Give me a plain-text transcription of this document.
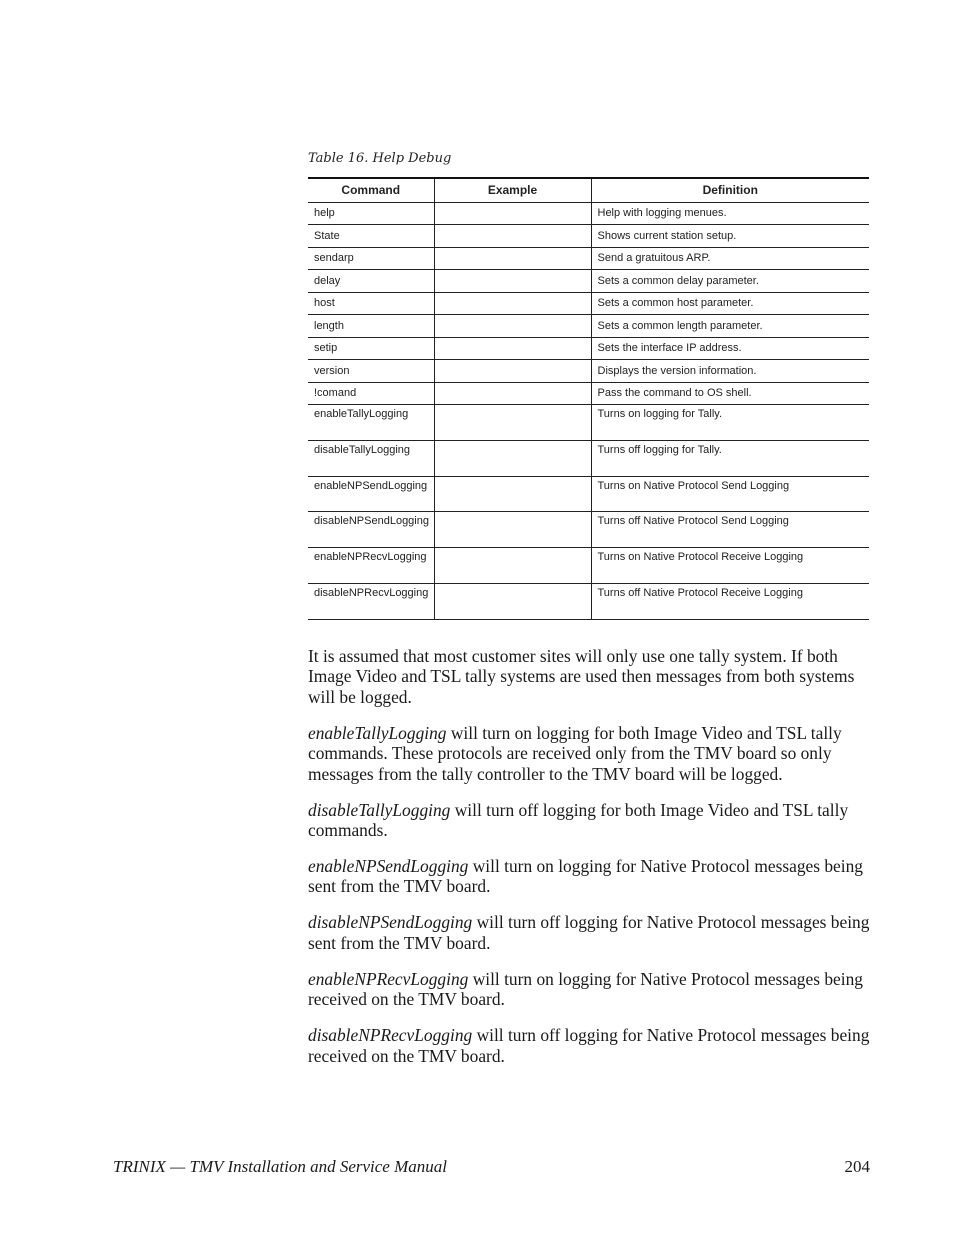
Table 16. Help Debug
Command	Example	Definition
help		Help with logging menues.
State		Shows current station setup.
sendarp		Send a gratuitous ARP.
delay		Sets a common delay parameter.
host		Sets a common host parameter.
length		Sets a common length parameter.
setip		Sets the interface IP address.
version		Displays the version information.
!comand		Pass the command to OS shell.
enableTallyLogging		Turns on logging for Tally.
disableTallyLogging		Turns off logging for Tally.
enableNPSendLogging		Turns on Native Protocol Send Logging
disableNPSendLogging		Turns off Native Protocol Send Logging
enableNPRecvLogging		Turns on Native Protocol Receive Logging
disableNPRecvLogging		Turns off Native Protocol Receive Logging

It is assumed that most customer sites will only use one tally system. If both Image Video and TSL tally systems are used then messages from both systems will be logged.

enableTallyLogging will turn on logging for both Image Video and TSL tally commands. These protocols are received only from the TMV board so only messages from the tally controller to the TMV board will be logged.

disableTallyLogging will turn off logging for both Image Video and TSL tally commands.

enableNPSendLogging will turn on logging for Native Protocol messages being sent from the TMV board.

disableNPSendLogging will turn off logging for Native Protocol messages being sent from the TMV board.

enableNPRecvLogging will turn on logging for Native Protocol messages being received on the TMV board.

disableNPRecvLogging will turn off logging for Native Protocol messages being received on the TMV board.

TRINIX — TMV Installation and Service Manual	204
